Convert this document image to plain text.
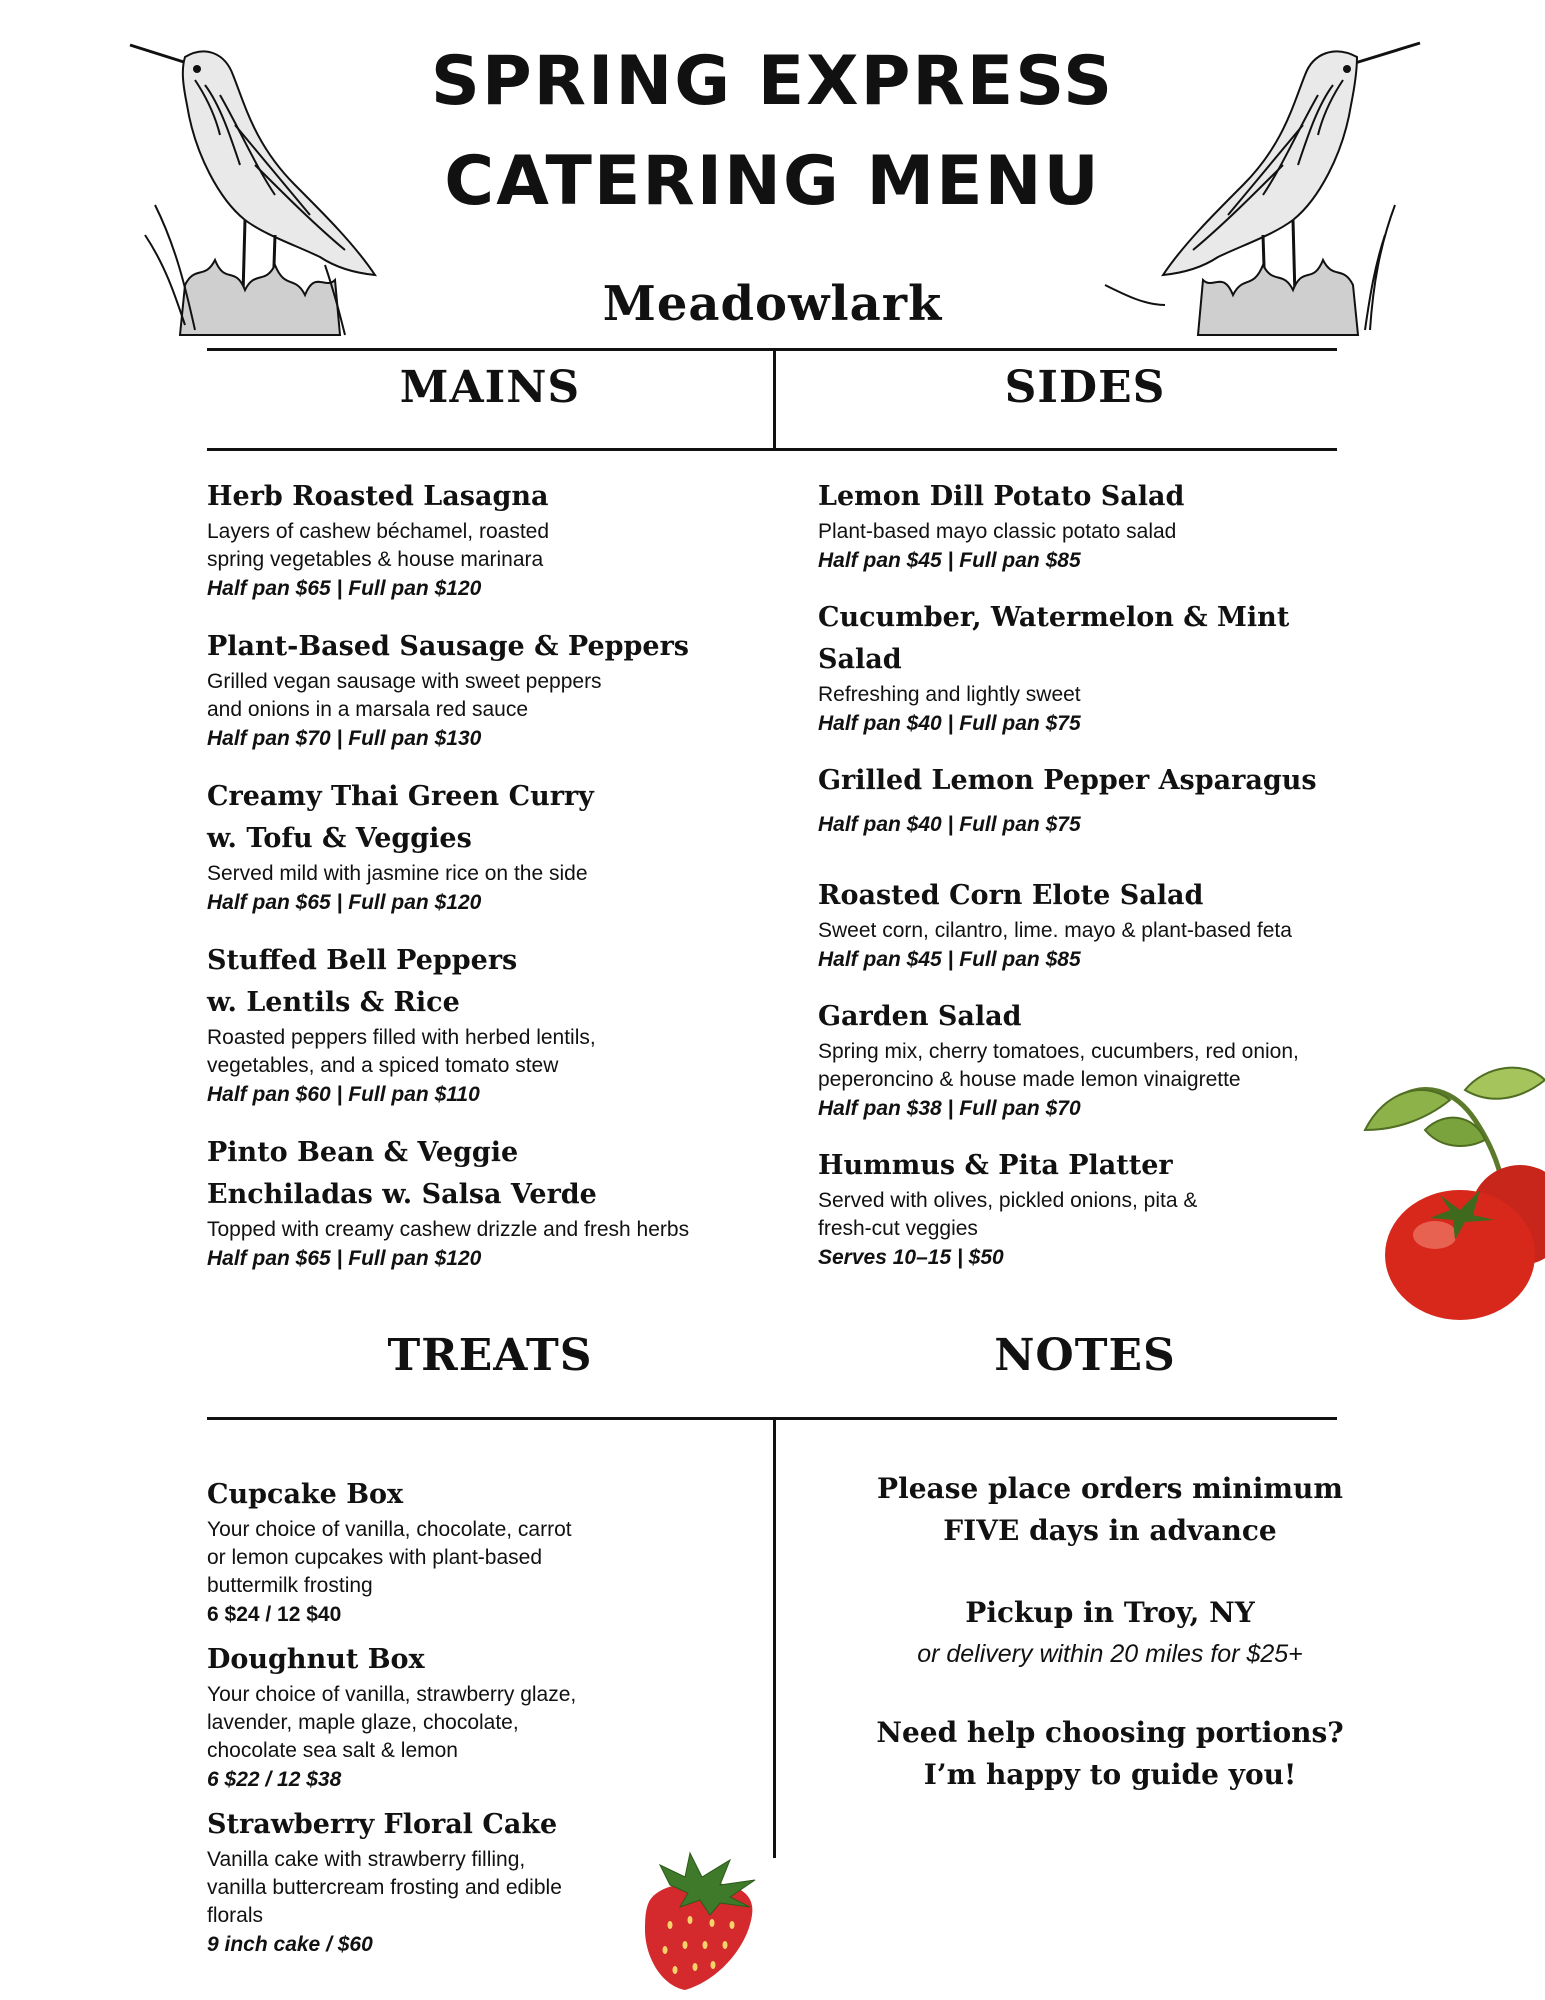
SPRING EXPRESS
CATERING MENU
Meadowlark
MAINS	SIDES
TREATS	NOTES
Herb Roasted Lasagna
Layers of cashew béchamel, roasted
spring vegetables & house marinara
Half pan $65 | Full pan $120
Plant-Based Sausage & Peppers
Grilled vegan sausage with sweet peppers
and onions in a marsala red sauce
Half pan $70 | Full pan $130
Creamy Thai Green Curry
w. Tofu & Veggies
Served mild with jasmine rice on the side
Half pan $65 | Full pan $120
Stuffed Bell Peppers
w. Lentils & Rice
Roasted peppers filled with herbed lentils,
vegetables, and a spiced tomato stew
Half pan $60 | Full pan $110
Pinto Bean & Veggie
Enchiladas w. Salsa Verde
Topped with creamy cashew drizzle and fresh herbs
Half pan $65 | Full pan $120
Lemon Dill Potato Salad
Plant-based mayo classic potato salad
Half pan $45 | Full pan $85
Cucumber, Watermelon & Mint Salad
Refreshing and lightly sweet
Half pan $40 | Full pan $75
Grilled Lemon Pepper Asparagus
Half pan $40 | Full pan $75
Roasted Corn Elote Salad
Sweet corn, cilantro, lime. mayo & plant-based feta
Half pan $45 | Full pan $85
Garden Salad
Spring mix, cherry tomatoes, cucumbers, red onion,
peperoncino & house made lemon vinaigrette
Half pan $38 | Full pan $70
Hummus & Pita Platter
Served with olives, pickled onions, pita &
fresh-cut veggies
Serves 10–15 | $50
Cupcake Box
Your choice of vanilla, chocolate, carrot
or lemon cupcakes with plant-based
buttermilk frosting
6 $24 / 12 $40
Doughnut Box
Your choice of vanilla, strawberry glaze,
lavender, maple glaze, chocolate,
chocolate sea salt & lemon
6 $22 / 12 $38
Strawberry Floral Cake
Vanilla cake with strawberry filling,
vanilla buttercream frosting and edible
florals
9 inch cake / $60
Please place orders minimum
FIVE days in advance
Pickup in Troy, NY
or delivery within 20 miles for $25+
Need help choosing portions?
I’m happy to guide you!
